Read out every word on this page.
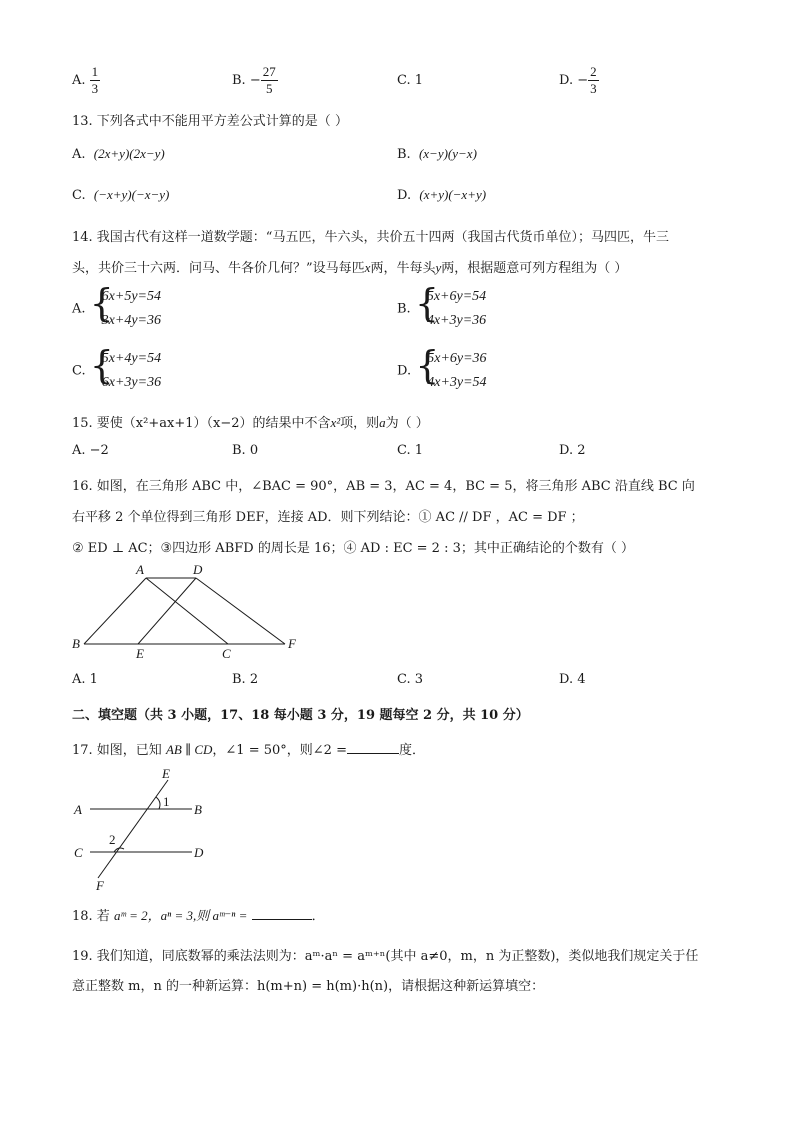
A. $\frac{1}{3}$	B. − $\frac{27}{5}$	C. 1	D. − $\frac{2}{3}$
13. 下列各式中不能用平方差公式计算的是（ ）
A. (2x+y)(2x−y)	B. (x−y)(y−x)
C. (−x+y)(−x−y)	D. (x+y)(−x+y)
14. 我国古代有这样一道数学题：“马五匹，牛六头，共价五十四两（我国古代货币单位）；马四匹，牛三
头，共价三十六两．问马、牛各价几何？”设马每匹x两，牛每头y两，根据题意可列方程组为（ ）
A. {
6x+5y=54
3x+4y=36
B. {
5x+6y=54
4x+3y=36
C. {
5x+4y=54
6x+3y=36
D. {
5x+6y=36
4x+3y=54
15. 要使（x²+ax+1）（x−2）的结果中不含x²项，则a为（ ）
A. −2	B. 0	C. 1	D. 2
16. 如图，在三角形 ABC 中，∠BAC = 90°，AB = 3，AC = 4，BC = 5，将三角形 ABC 沿直线 BC 向
右平移 2 个单位得到三角形 DEF，连接 AD．则下列结论：① AC // DF ，AC = DF ；
② ED ⊥ AC；③四边形 ABFD 的周长是 16；④ AD : EC = 2 : 3；其中正确结论的个数有（ ）
A	D
B
E	C
F
A. 1	B. 2	C. 3	D. 4
二、填空题（共 3 小题，17、18 每小题 3 分，19 题每空 2 分，共 10 分）
17. 如图，已知 AB ∥ CD，∠1 = 50°，则∠2 =	度．
E
A	B
1
2
C	D
F
18. 若 aᵐ = 2，aⁿ = 3,则 aᵐ⁻ⁿ =	．
19. 我们知道，同底数幂的乘法法则为：aᵐ·aⁿ = aᵐ⁺ⁿ(其中 a≠0，m，n 为正整数)，类似地我们规定关于任
意正整数 m，n 的一种新运算：h(m+n) = h(m)·h(n)，请根据这种新运算填空：
